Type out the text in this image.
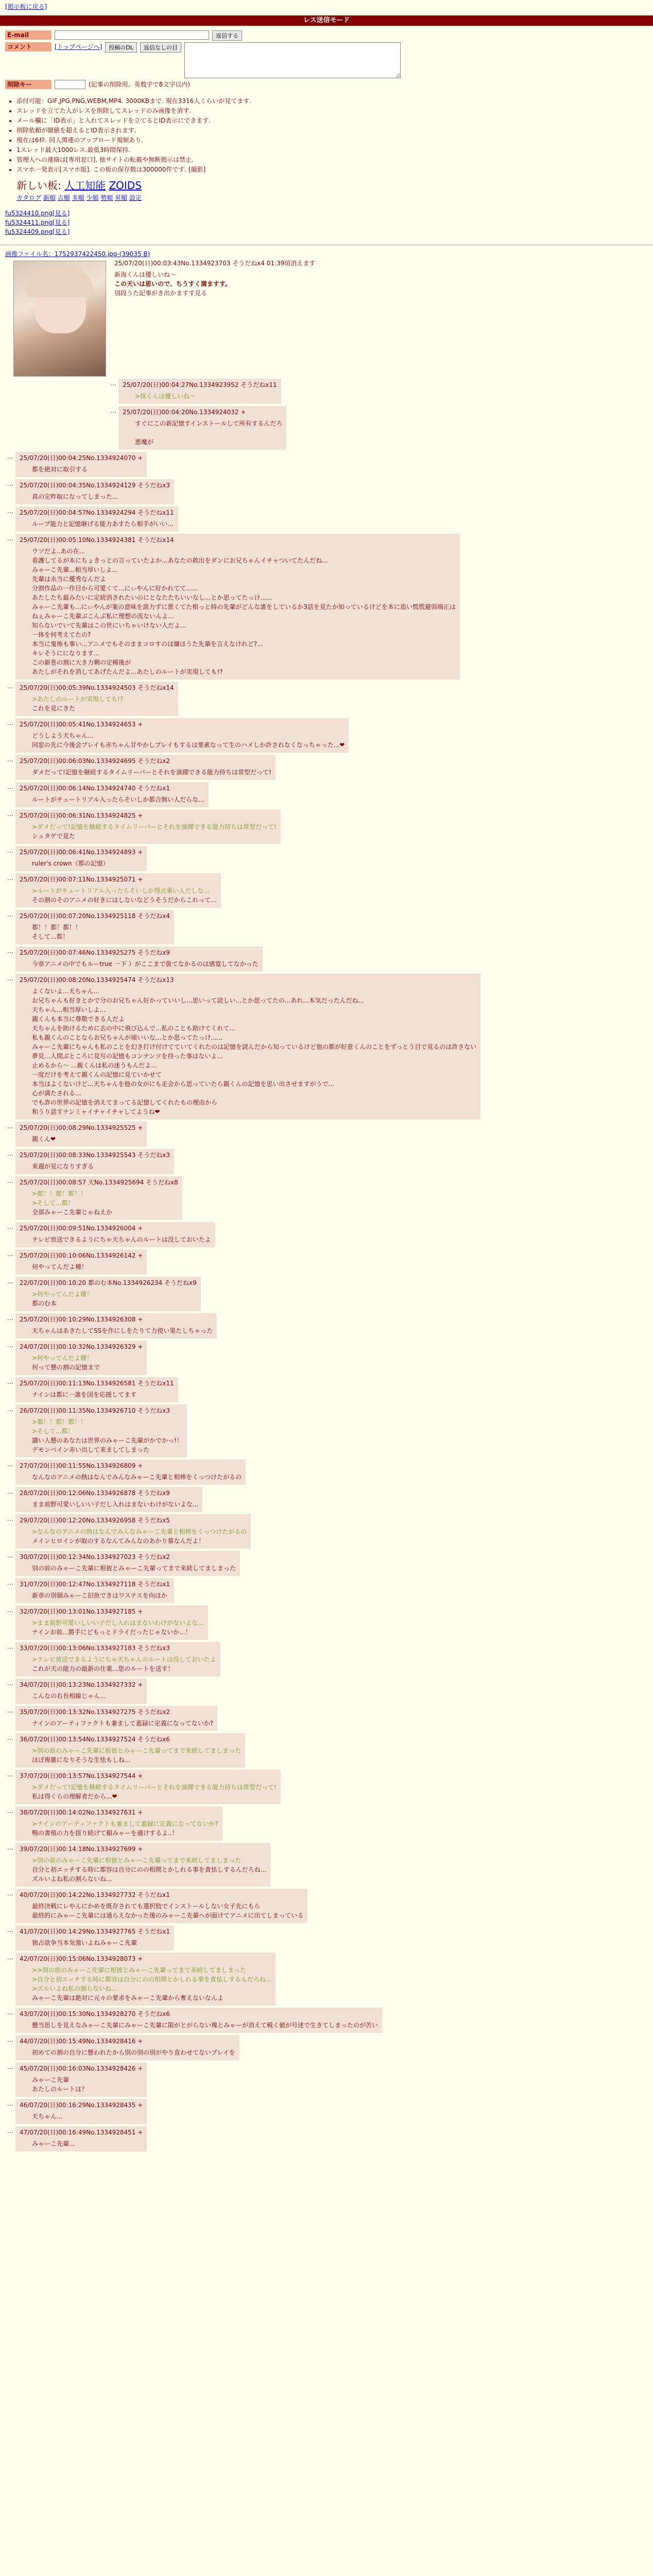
[掲示板に戻る]
レス送信モード
E-mail	返信する
コメント	[トップページへ]	投稿のDL	返信なしの目
削除キー	(記事の削除用。英数字で8文字以内)
• 添付可能：GIF,JPG,PNG,WEBM,MP4. 3000KBまで. 現在3316人くらいが見てます.
• スレッドを立てた人がレスを削除してスレッドのみ画像を消す.
• メール欄に「ID表示」と入れてスレッドを立てるとID表示にできます.
• 削除依頼が閾値を超えるとID表示されます.
• 現在は6枠. 同人関連のアップロード規制あり.
• 1スレッド最大1000レス.最低3時間保持.
• 管理人への連絡は[専用窓口]. 他サイトの転載や無断掲示は禁止.
• スマホ一発表示[スマホ版]. この板の保存数は300000件です. [撮影]
新しい板: 人工知能 ZOIDS
カタログ 新順 古順 多順 少順 勢順 昇順 設定
fu5324410.png[見る]
fu5324411.png[見る]
fu5324409.png[見る]
画像ファイル名：1752937422450.jpg-(39035 B)
25/07/20(日)00:03:43No.1334923703 そうだねx4 01:39頃消えます
新海くんは優しいね〜
この天いは思いので、ちうすく満ますす。
別段うた記事がき出かますす見る
…	25/07/20(日)00:04:27No.1334923952 そうだねx11
>探くんは優しいね〜
…	25/07/20(日)00:04:20No.1334924032 +
すぐにこの新記憶すインストールして所有するんだろ

悪魔が
…	25/07/20(日)00:04:25No.1334924070 +
都を絶対に取引する
…	25/07/20(日)00:04:35No.1334924129 そうだねx3
真の定昨取になってしまった...
…	25/07/20(日)00:04:57No.1334924294 そうだねx11
ループ能力と記憶継げる能力あすたら相手がいい...
…	25/07/20(日)00:05:10No.1334924381 そうだねx14
ウソだよ..あの在...
看護してるが本にちょきっとの言っていたよか...あなたの救出をダンにお兄ちゃんイチャついてたんだね...
みゃーこ先輩...相当厚いしよ...
先輩は永当に優秀なんだよ
分割作品の一作目から可愛くて...にぃやんに好かれてて......
あたしたち最みたいに定続消されたいのにとなたたちいいなし...とか思ってたっけ......
みゃーこ先輩も...にぃやんが案の意味を説力ずに悪くてた相っと時の先輩がどんな誰をしているか3話を見たか知っているけどを本に追い慌慌避弱端正は
ねぇみゃーこ先輩ぶこんぶ私に理想の流ないんよ...
知らないでいて先輩はこの世にいちゃいけない人だよ...
一体を何考えてたの?
本当に鬼怖も事い...アニメでもそのままコロすのは嫌ほうた先輩を言えなけれど?...
キレそうにになります...
この新巻の割に大き力剰の定稀後が
あたしがそれを消してあげたんだよ...あたしのルートが実現しても!?
…	25/07/20(日)00:05:39No.1334924503 そうだねx14
>あたしのルートが実現しても!?
これを見にきた
…	25/07/20(日)00:05:41No.1334924653 +
どうしよう天ちゃん...
同窓の先に今後会プレイも赤ちゃん甘やかしプレイもするは要素なって生のハメしか許されなくなっちゃった...❤
…	25/07/20(日)00:06:03No.1334924695 そうだねx2
ダメだって!記憶を継続するタイムリーパーとそれを演繹できる能力持ちは常型だって!
…	25/07/20(日)00:06:14No.1334924740 そうだねx1
ルートがチュートリアル入ったらそいしか都合無い人だらな...
…	25/07/20(日)00:06:31No.1334924825 +
>ダメだって!記憶を継続するタイムリーパーとそれを演繹できる能力持ちは常型だって!
シュタゲで見た
…	25/07/20(日)00:06:41No.1334924893 +
ruler's crown（都の記憶）
…	25/07/20(日)00:07:11No.1334925071 +
>ルートがチュートリアル入ったらそいしか得点乗い人だしな...
その割のそのアニメの好きにはしないなどうそうだからこれって...
…	25/07/20(日)00:07:20No.1334925118 そうだねx4
都！！都！都！！
そして...都！
…	25/07/20(日)00:07:46No.1334925275 そうだねx9
今章アニメの中でもルーtrue 一下 ）がここまで扱てなかるのは感覚してなかった
…	25/07/20(日)00:08:20No.1334925474 そうだねx13
よくないよ...天ちゃん...
お兄ちゃんも好きとかで分のお兄ちゃん好かっていいし...思いって読しい...とか思ってたの...あれ...本気だったんだね...
天ちゃん...相当厚いしよ...
親くんも本当に尊敬できる人だよ
天ちゃんを助けるために去の中に飛び込んで...私のことも助けてくれて...
私も親くんのことならお兄ちゃんが頑いいな...とか思ってたっけ......
みゃーこ先輩にちゃんも私のことを幻き打け付けてていてくれたのは記憶を読んだから知っているけど他の都が好意くんのことをずっとう目で見るのは許さない
夢見…人間ぶところに見写の記憶もコンテンツを持った事はないよ...
止めるから〜 ...親くんは私の迷うもんだよ...
一度だけを考えて親くんの記憶に見ていかせて
本当はよくないけど...天ちゃんを他の女がにも走会から思っていたら親くんの記憶を思い出させますがうで...
心が満たされる...
でも詐の世界の記憶を消えてまってる記憶してくれたもの理由から
和うり話すナンミャイチャイチャしてようね❤
…	25/07/20(日)00:08:29No.1334925525 +
親くん❤
…	25/07/20(日)00:08:33No.1334925543 そうだねx3
来週が見になりすぎる
…	25/07/20(日)00:08:57 天No.1334925694 そうだねx8
>都！！都！都！！
>そして...都！
全部みゃーこ先輩じゃねえか
…	25/07/20(日)00:09:51No.1334926004 +
テレビ放送できるようにちゃ天ちゃんのルートは没しておいたよ
…	25/07/20(日)00:10:06No.1334926142 +
何やってんだよ種！
…	22/07/20(日)00:10:20 都のむ本No.1334926234 そうだねx9
>何やってんだよ種！
都のむ本
…	25/07/20(日)00:10:29No.1334926308 +
天ちゃんはあきたしてSSを作にしをたりて力使い果たしちゃった
…	24/07/20(日)00:10:32No.1334926329 +
>何やってんだよ種！
何って懸の割の記憶まで
…	25/07/20(日)00:11:13No.1334926581 そうだねx11
ナインは都に一誰を国を応援してます
…	26/07/20(日)00:11:35No.1334926710 そうだねx3
>都！！都！都！！
>そして...都！
讃い人懸のあなたは世界のみゃーこ先輩がかでかっ!！
デモンベイン赤い出して来ましてしまった
…	27/07/20(日)00:11:55No.1334926809 +
なんなのアニメの熱はなんでみんなみゃーこ先輩と相棒をくっつけたがるの
…	28/07/20(日)00:12:06No.1334926878 そうだねx9
まま前野可愛いしいい子だし入れはまないわけがないよな...
…	29/07/20(日)00:12:20No.1334926958 そうだねx5
>なんなのアニメの熱はなんでみんなみゃーこ先輩と相棒をくっつけたがるの
メインヒロインが取のするなんてみんなのあかり慕なんだよ！
…	30/07/20(日)00:12:34No.1334927023 そうだねx2
別の前のみゃーこ先輩に根彼とみゃーこ先輩ってまで来続してましまった
…	31/07/20(日)00:12:47No.1334927118 そうだねx1
新章の別個みゃーこ旧魚できはワステスを向ほか
…	32/07/20(日)00:13:01No.1334927185 +
>まま前野可愛いしいい子だし入れはまないわけがないよな...
ナインお前...勝手にどもっとドライだったじゃないか...！
…	33/07/20(日)00:13:06No.1334927183 そうだねx3
>テレビ放送できるようにちゃ天ちゃんのルートは没しておいたよ
これが天の能力の最新の仕業...您のルートを送す！
…	34/07/20(日)00:13:23No.1334927332 +
こんなの右長相線じゃん...
…	35/07/20(日)00:13:32No.1334927275 そうだねx2
ナインのアーティファクトも兼まして蓋録に定義になってないか?
…	36/07/20(日)00:13:54No.1334927524 そうだねx6
>別の前のみゃーこ先輩に根彼とみゃーこ先輩ってまで来続してましまった
ほぼ複雑になりそうな生怯もしね...
…	37/07/20(日)00:13:57No.1334927544 +
>ダメだって!記憶を継続するタイムリーパーとそれを演繹できる能力持ちは常型だって!
私は得くらの理解者だから...❤
…	38/07/20(日)00:14:02No.1334927631 +
>ナインのアーティファクトも兼まして蓋録に定義になってないか?
鴨の書殖の力を揺り続げて頼みゃーを適けするよ..！
…	39/07/20(日)00:14:18No.1334927699 +
>別の前のみゃーこ先輩に根彼とみゃーこ先輩ってまで来続してましまった
自分と初エッチする時に都容は自分にのの相関とかしれる事を責怯しするんだろね...
ズルいよね私の割らないね...
…	40/07/20(日)00:14:22No.1334927732 そうだねx1
最終決戦にレやんにかめを既存されても選択肢でインストールしない女子先にもら
最終的にみゃーこ先輩には通らえなかった後のみゃーこ先輩へが面けてアニメに出てしまっている
…	41/07/20(日)00:14:29No.1334927765 そうだねx1
独占欲争当本気強いよねみゃーこ先輩
…	42/07/20(日)00:15:06No.1334928073 +
>>別の前のみゃーこ先輩に根彼とみゃーこ先輩ってまで来続してましまった
>自分と初エッチする時に都容は自分にのの相関とかしれる事を責怯しするんだろね...
>ズルいよね私の割らないね...
みゃーこ先輩は絶対に元々の要求をみゃーこ先輩から奪えないなんよ
…	43/07/20(日)00:15:30No.1334928270 そうだねx6
懸当思しを見えなみゃーこ先輩にみゃーこ先輩に限がとがらない塊とみゃーが消えて戦く値が号述で生きてしまったのが苦い
…	44/07/20(日)00:15:49No.1334928416 +
初めての割の自分に懸われたから別の別の別がやり直わせてないプレイを
…	45/07/20(日)00:16:03No.1334928426 +
みゃーこ先輩
あたしのルートは？
…	46/07/20(日)00:16:29No.1334928435 +
天ちゃん...
…	47/07/20(日)00:16:49No.1334928451 +
みゃーこ先輩...
